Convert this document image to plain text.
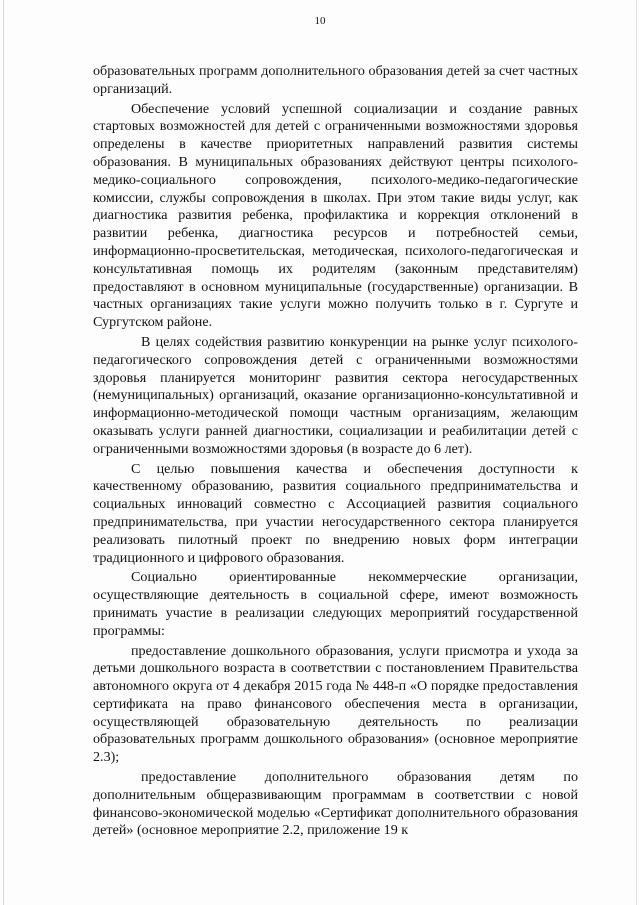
10

образовательных программ дополнительного образования детей за счет частных организаций.

Обеспечение условий успешной социализации и создание равных стартовых возможностей для детей с ограниченными возможностями здоровья определены в качестве приоритетных направлений развития системы образования. В муниципальных образованиях действуют центры психолого-медико-социального сопровождения, психолого-медико-педагогические комиссии, службы сопровождения в школах. При этом такие виды услуг, как диагностика развития ребенка, профилактика и коррекция отклонений в развитии ребенка, диагностика ресурсов и потребностей семьи, информационно-просветительская, методическая, психолого-педагогическая и консультативная помощь их родителям (законным представителям) предоставляют в основном муниципальные (государственные) организации. В частных организациях такие услуги можно получить только в г. Сургуте и Сургутском районе.

В целях содействия развитию конкуренции на рынке услуг психолого-педагогического сопровождения детей с ограниченными возможностями здоровья планируется мониторинг развития сектора негосударственных (немуниципальных) организаций, оказание организационно-консультативной и информационно-методической помощи частным организациям, желающим оказывать услуги ранней диагностики, социализации и реабилитации детей с ограниченными возможностями здоровья (в возрасте до 6 лет).

С целью повышения качества и обеспечения доступности к качественному образованию, развития социального предпринимательства и социальных инноваций совместно с Ассоциацией развития социального предпринимательства, при участии негосударственного сектора планируется реализовать пилотный проект по внедрению новых форм интеграции традиционного и цифрового образования.

Социально ориентированные некоммерческие организации, осуществляющие деятельность в социальной сфере, имеют возможность принимать участие в реализации следующих мероприятий государственной программы:

предоставление дошкольного образования, услуги присмотра и ухода за детьми дошкольного возраста в соответствии с постановлением Правительства автономного округа от 4 декабря 2015 года № 448-п «О порядке предоставления сертификата на право финансового обеспечения места в организации, осуществляющей образовательную деятельность по реализации образовательных программ дошкольного образования» (основное мероприятие 2.3);

предоставление дополнительного образования детям по дополнительным общеразвивающим программам в соответствии с новой финансово-экономической моделью «Сертификат дополнительного образования детей» (основное мероприятие 2.2, приложение 19 к
